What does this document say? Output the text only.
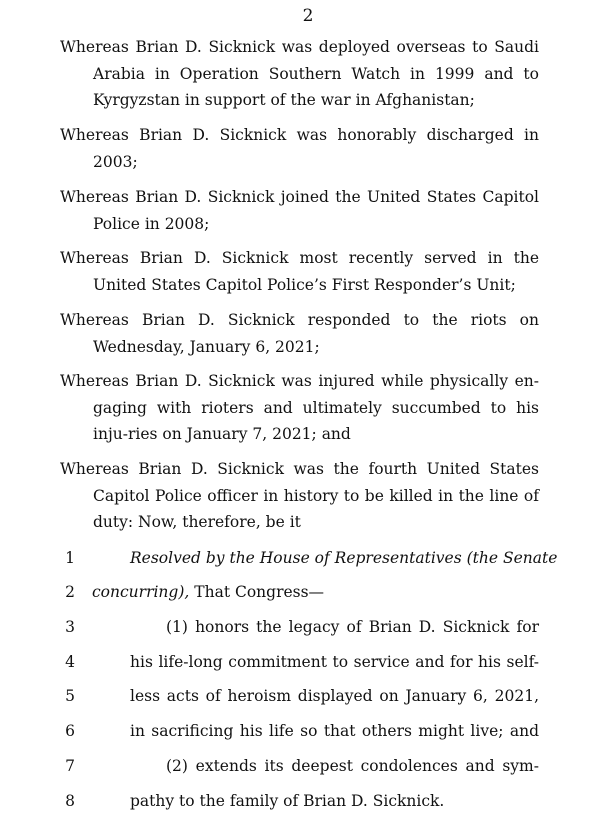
2
Whereas Brian D. Sicknick was deployed overseas to Saudi Arabia in Operation Southern Watch in 1999 and to Kyrgyzstan in support of the war in Afghanistan;
Whereas Brian D. Sicknick was honorably discharged in 2003;
Whereas Brian D. Sicknick joined the United States Capitol Police in 2008;
Whereas Brian D. Sicknick most recently served in the United States Capitol Police’s First Responder’s Unit;
Whereas Brian D. Sicknick responded to the riots on Wednesday, January 6, 2021;
Whereas Brian D. Sicknick was injured while physically en-gaging with rioters and ultimately succumbed to his inju-ries on January 7, 2021; and
Whereas Brian D. Sicknick was the fourth United States Capitol Police officer in history to be killed in the line of duty: Now, therefore, be it
1
2
3
4
5
6
7
8
Resolved by the House of Representatives (the Senate
concurring), That Congress—
(1) honors the legacy of Brian D. Sicknick for
his life-long commitment to service and for his self-
less acts of heroism displayed on January 6, 2021,
in sacrificing his life so that others might live; and
(2) extends its deepest condolences and sym-
pathy to the family of Brian D. Sicknick.
